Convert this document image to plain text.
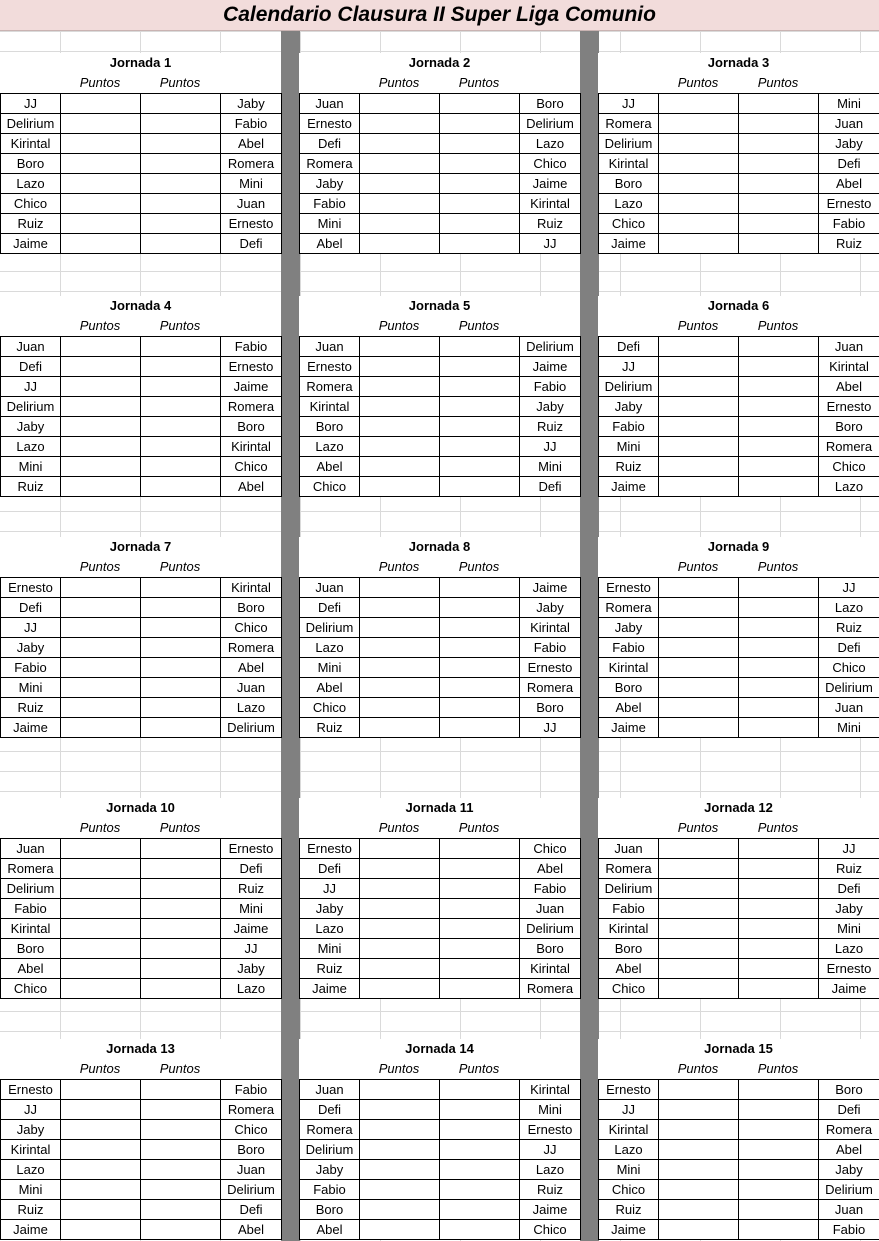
Calendario Clausura II Super Liga Comunio
Jornada 1
Puntos	Puntos
JJ			Jaby
Delirium			Fabio
Kirintal			Abel
Boro			Romera
Lazo			Mini
Chico			Juan
Ruiz			Ernesto
Jaime			Defi
Jornada 2
Puntos	Puntos
Juan			Boro
Ernesto			Delirium
Defi			Lazo
Romera			Chico
Jaby			Jaime
Fabio			Kirintal
Mini			Ruiz
Abel			JJ
Jornada 3
Puntos	Puntos
JJ			Mini
Romera			Juan
Delirium			Jaby
Kirintal			Defi
Boro			Abel
Lazo			Ernesto
Chico			Fabio
Jaime			Ruiz
Jornada 4
Puntos	Puntos
Juan			Fabio
Defi			Ernesto
JJ			Jaime
Delirium			Romera
Jaby			Boro
Lazo			Kirintal
Mini			Chico
Ruiz			Abel
Jornada 5
Puntos	Puntos
Juan			Delirium
Ernesto			Jaime
Romera			Fabio
Kirintal			Jaby
Boro			Ruiz
Lazo			JJ
Abel			Mini
Chico			Defi
Jornada 6
Puntos	Puntos
Defi			Juan
JJ			Kirintal
Delirium			Abel
Jaby			Ernesto
Fabio			Boro
Mini			Romera
Ruiz			Chico
Jaime			Lazo
Jornada 7
Puntos	Puntos
Ernesto			Kirintal
Defi			Boro
JJ			Chico
Jaby			Romera
Fabio			Abel
Mini			Juan
Ruiz			Lazo
Jaime			Delirium
Jornada 8
Puntos	Puntos
Juan			Jaime
Defi			Jaby
Delirium			Kirintal
Lazo			Fabio
Mini			Ernesto
Abel			Romera
Chico			Boro
Ruiz			JJ
Jornada 9
Puntos	Puntos
Ernesto			JJ
Romera			Lazo
Jaby			Ruiz
Fabio			Defi
Kirintal			Chico
Boro			Delirium
Abel			Juan
Jaime			Mini
Jornada 10
Puntos	Puntos
Juan			Ernesto
Romera			Defi
Delirium			Ruiz
Fabio			Mini
Kirintal			Jaime
Boro			JJ
Abel			Jaby
Chico			Lazo
Jornada 11
Puntos	Puntos
Ernesto			Chico
Defi			Abel
JJ			Fabio
Jaby			Juan
Lazo			Delirium
Mini			Boro
Ruiz			Kirintal
Jaime			Romera
Jornada 12
Puntos	Puntos
Juan			JJ
Romera			Ruiz
Delirium			Defi
Fabio			Jaby
Kirintal			Mini
Boro			Lazo
Abel			Ernesto
Chico			Jaime
Jornada 13
Puntos	Puntos
Ernesto			Fabio
JJ			Romera
Jaby			Chico
Kirintal			Boro
Lazo			Juan
Mini			Delirium
Ruiz			Defi
Jaime			Abel
Jornada 14
Puntos	Puntos
Juan			Kirintal
Defi			Mini
Romera			Ernesto
Delirium			JJ
Jaby			Lazo
Fabio			Ruiz
Boro			Jaime
Abel			Chico
Jornada 15
Puntos	Puntos
Ernesto			Boro
JJ			Defi
Kirintal			Romera
Lazo			Abel
Mini			Jaby
Chico			Delirium
Ruiz			Juan
Jaime			Fabio
